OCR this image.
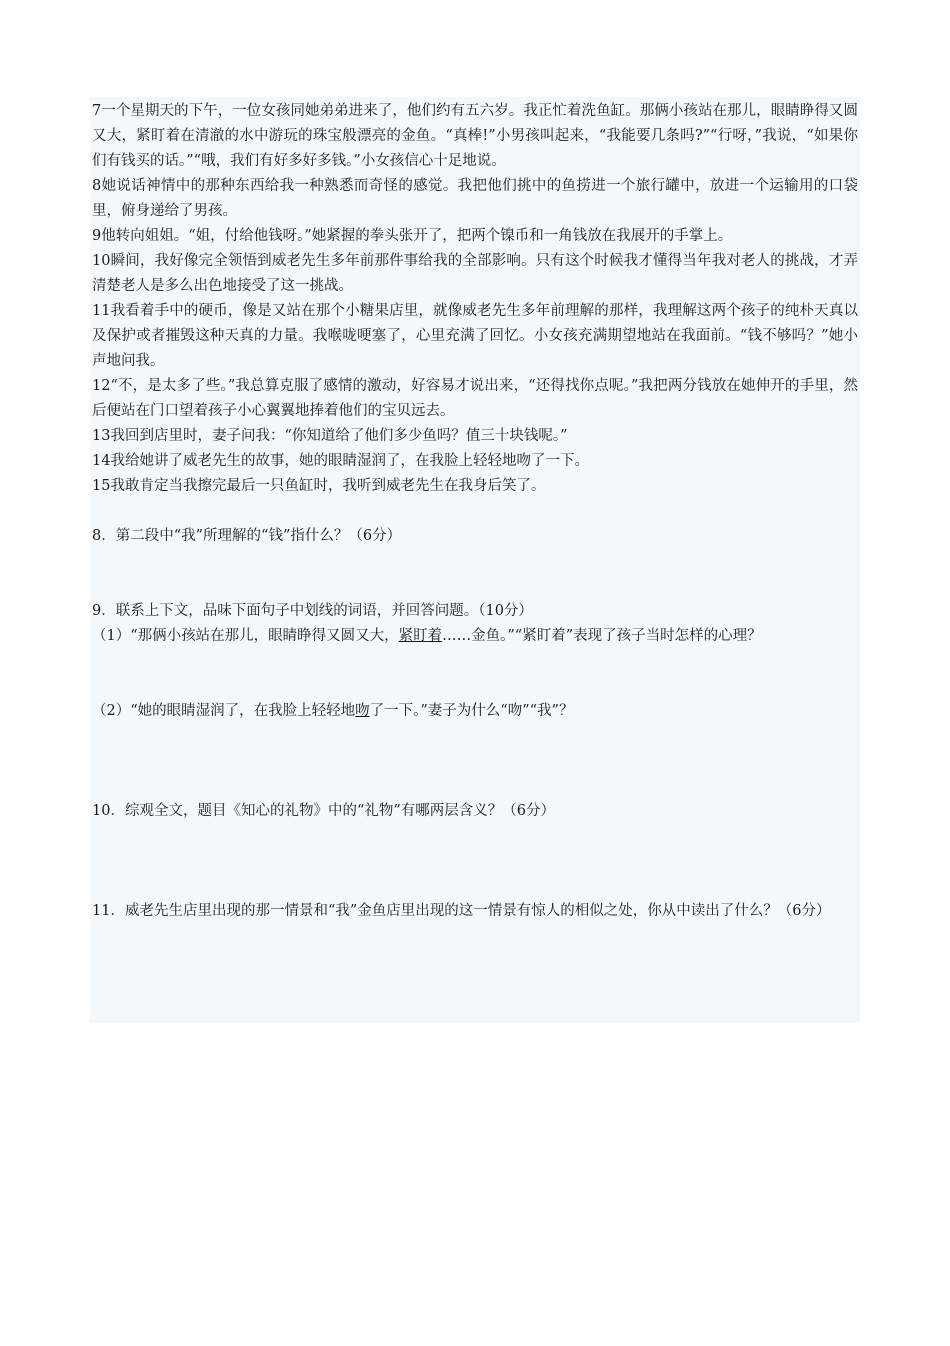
7一个星期天的下午，一位女孩同她弟弟进来了，他们约有五六岁。我正忙着洗鱼缸。那俩小孩站在那儿，眼睛睁得又圆又大，紧盯着在清澈的水中游玩的珠宝般漂亮的金鱼。“真棒!”小男孩叫起来，“我能要几条吗?”“行呀，”我说，“如果你们有钱买的话。”“哦，我们有好多好多钱。”小女孩信心十足地说。

8她说话神情中的那种东西给我一种熟悉而奇怪的感觉。我把他们挑中的鱼捞进一个旅行罐中，放进一个运输用的口袋里，俯身递给了男孩。

9他转向姐姐。“姐，付给他钱呀。”她紧握的拳头张开了，把两个镍币和一角钱放在我展开的手掌上。

10瞬间，我好像完全领悟到威老先生多年前那件事给我的全部影响。只有这个时候我才懂得当年我对老人的挑战，才弄清楚老人是多么出色地接受了这一挑战。

11我看着手中的硬币，像是又站在那个小糖果店里，就像威老先生多年前理解的那样，我理解这两个孩子的纯朴天真以及保护或者摧毁这种天真的力量。我喉咙哽塞了，心里充满了回忆。小女孩充满期望地站在我面前。“钱不够吗？”她小声地问我。

12“不，是太多了些。”我总算克服了感情的激动，好容易才说出来，“还得找你点呢。”我把两分钱放在她伸开的手里，然后便站在门口望着孩子小心翼翼地捧着他们的宝贝远去。

13我回到店里时，妻子问我：“你知道给了他们多少鱼吗？值三十块钱呢。”

14我给她讲了威老先生的故事，她的眼睛湿润了，在我脸上轻轻地吻了一下。

15我敢肯定当我擦完最后一只鱼缸时，我听到威老先生在我身后笑了。

8．第二段中“我”所理解的“钱”指什么？（6分）

9．联系上下文，品味下面句子中划线的词语，并回答问题。（10分）

（1）“那俩小孩站在那儿，眼睛睁得又圆又大，紧盯着……金鱼。”“紧盯着”表现了孩子当时怎样的心理？

（2）“她的眼睛湿润了，在我脸上轻轻地吻了一下。”妻子为什么“吻”“我”？

10．综观全文，题目《知心的礼物》中的“礼物”有哪两层含义？（6分）

11．威老先生店里出现的那一情景和“我”金鱼店里出现的这一情景有惊人的相似之处，你从中读出了什么？（6分）
